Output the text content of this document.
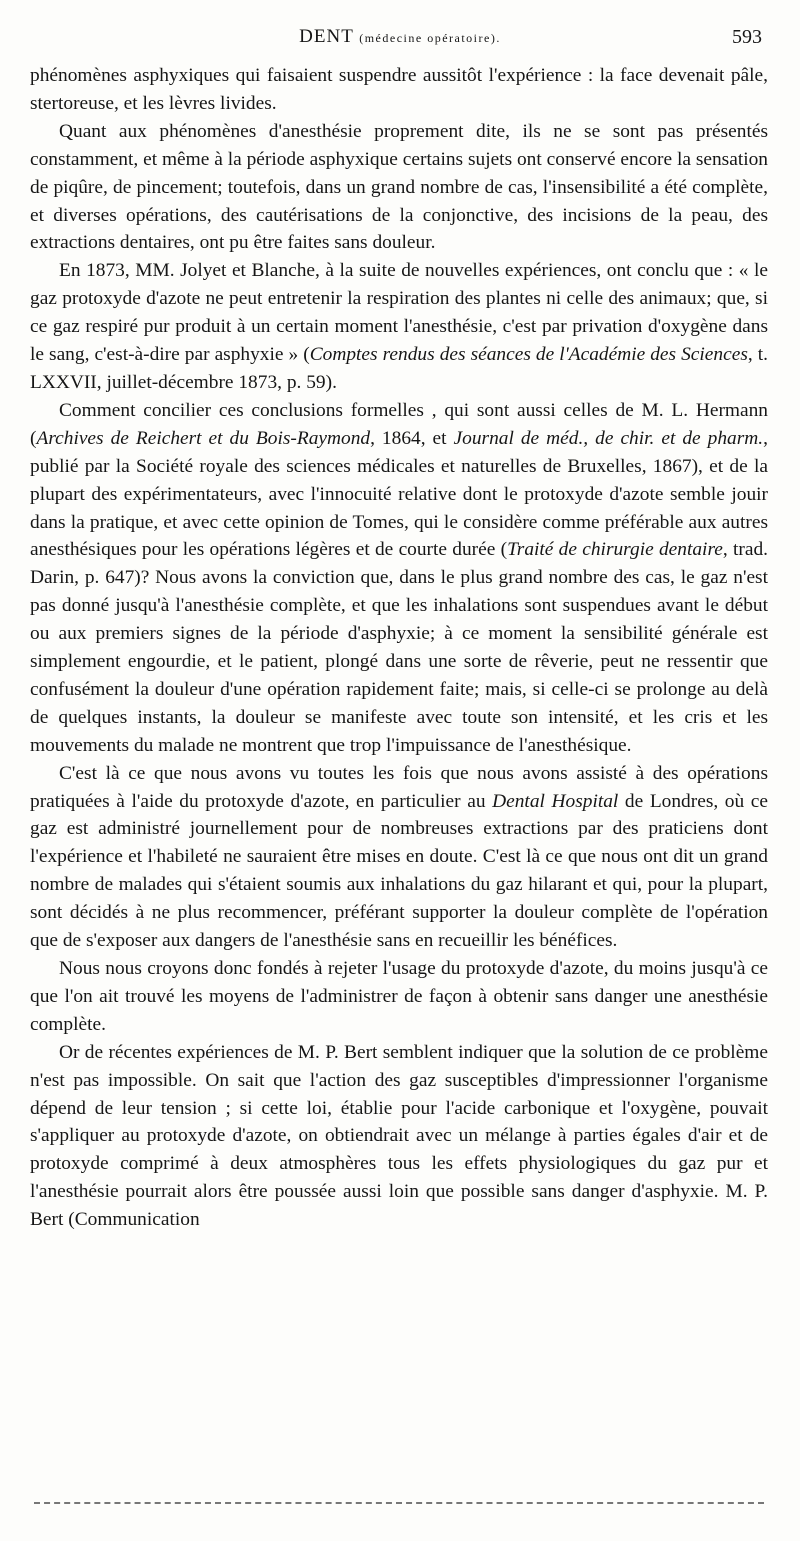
DENT (médecine opératoire).	593

phénomènes asphyxiques qui faisaient suspendre aussitôt l'expérience : la face devenait pâle, stertoreuse, et les lèvres livides.

Quant aux phénomènes d'anesthésie proprement dite, ils ne se sont pas présentés constamment, et même à la période asphyxique certains sujets ont conservé encore la sensation de piqûre, de pincement; toutefois, dans un grand nombre de cas, l'insensibilité a été complète, et diverses opérations, des cautérisations de la conjonctive, des incisions de la peau, des extractions dentaires, ont pu être faites sans douleur.

En 1873, MM. Jolyet et Blanche, à la suite de nouvelles expériences, ont conclu que : « le gaz protoxyde d'azote ne peut entretenir la respiration des plantes ni celle des animaux; que, si ce gaz respiré pur produit à un certain moment l'anesthésie, c'est par privation d'oxygène dans le sang, c'est-à-dire par asphyxie » (Comptes rendus des séances de l'Académie des Sciences, t. LXXVII, juillet-décembre 1873, p. 59).

Comment concilier ces conclusions formelles , qui sont aussi celles de M. L. Hermann (Archives de Reichert et du Bois-Raymond, 1864, et Journal de méd., de chir. et de pharm., publié par la Société royale des sciences médicales et naturelles de Bruxelles, 1867), et de la plupart des expérimentateurs, avec l'innocuité relative dont le protoxyde d'azote semble jouir dans la pratique, et avec cette opinion de Tomes, qui le considère comme préférable aux autres anesthésiques pour les opérations légères et de courte durée (Traité de chirurgie dentaire, trad. Darin, p. 647)? Nous avons la conviction que, dans le plus grand nombre des cas, le gaz n'est pas donné jusqu'à l'anesthésie complète, et que les inhalations sont suspendues avant le début ou aux premiers signes de la période d'asphyxie; à ce moment la sensibilité générale est simplement engourdie, et le patient, plongé dans une sorte de rêverie, peut ne ressentir que confusément la douleur d'une opération rapidement faite; mais, si celle-ci se prolonge au delà de quelques instants, la douleur se manifeste avec toute son intensité, et les cris et les mouvements du malade ne montrent que trop l'impuissance de l'anesthésique.

C'est là ce que nous avons vu toutes les fois que nous avons assisté à des opérations pratiquées à l'aide du protoxyde d'azote, en particulier au Dental Hospital de Londres, où ce gaz est administré journellement pour de nombreuses extractions par des praticiens dont l'expérience et l'habileté ne sauraient être mises en doute. C'est là ce que nous ont dit un grand nombre de malades qui s'étaient soumis aux inhalations du gaz hilarant et qui, pour la plupart, sont décidés à ne plus recommencer, préférant supporter la douleur complète de l'opération que de s'exposer aux dangers de l'anesthésie sans en recueillir les bénéfices.

Nous nous croyons donc fondés à rejeter l'usage du protoxyde d'azote, du moins jusqu'à ce que l'on ait trouvé les moyens de l'administrer de façon à obtenir sans danger une anesthésie complète.

Or de récentes expériences de M. P. Bert semblent indiquer que la solution de ce problème n'est pas impossible. On sait que l'action des gaz susceptibles d'impressionner l'organisme dépend de leur tension ; si cette loi, établie pour l'acide carbonique et l'oxygène, pouvait s'appliquer au protoxyde d'azote, on obtiendrait avec un mélange à parties égales d'air et de protoxyde comprimé à deux atmosphères tous les effets physiologiques du gaz pur et l'anesthésie pourrait alors être poussée aussi loin que possible sans danger d'asphyxie. M. P. Bert (Communication
